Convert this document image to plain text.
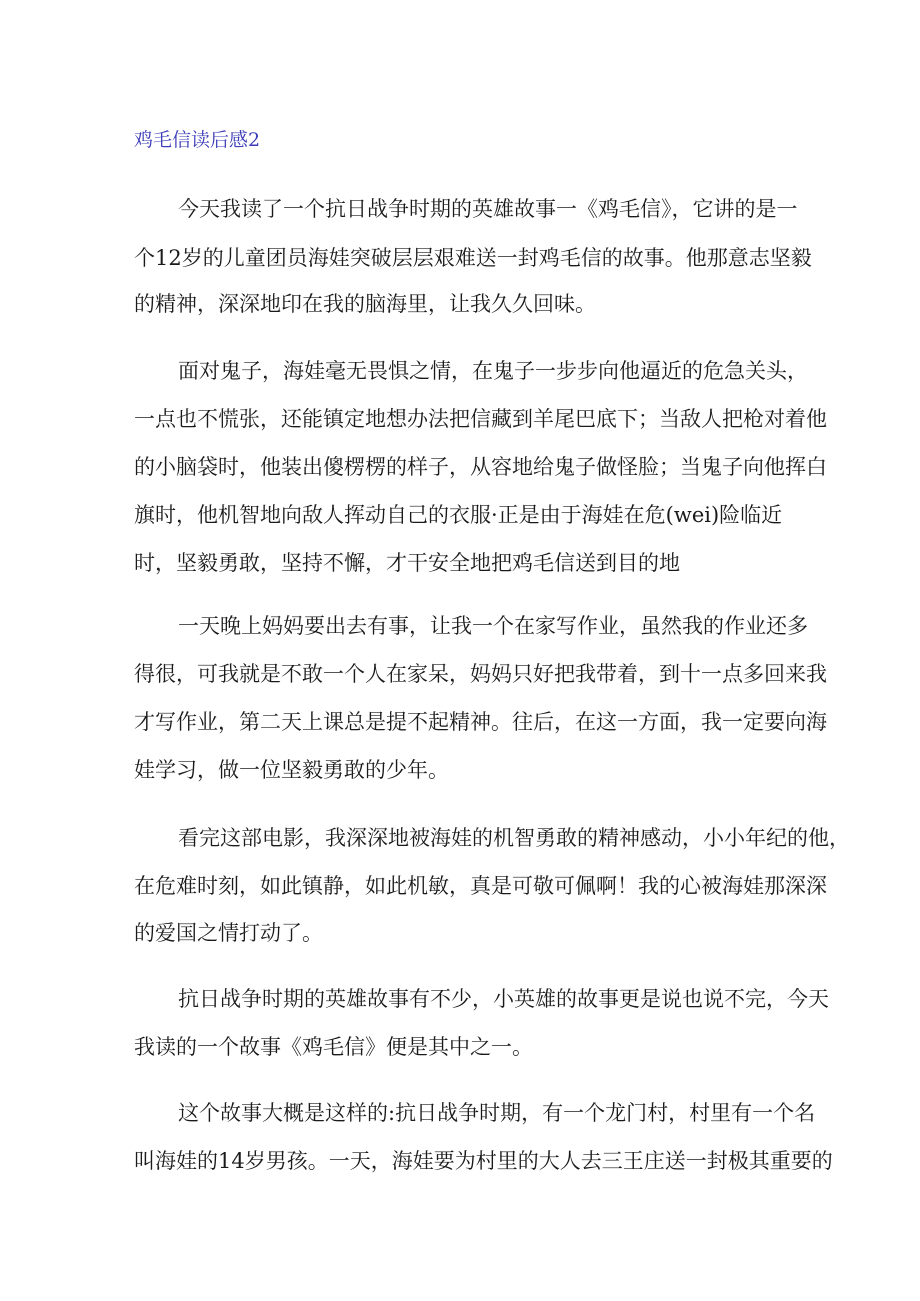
鸡毛信读后感2
今天我读了一个抗日战争时期的英雄故事一《鸡毛信》，它讲的是一
个12岁的儿童团员海娃突破层层艰难送一封鸡毛信的故事。他那意志坚毅
的精神，深深地印在我的脑海里，让我久久回味。
面对鬼子，海娃毫无畏惧之情，在鬼子一步步向他逼近的危急关头，
一点也不慌张，还能镇定地想办法把信藏到羊尾巴底下；当敌人把枪对着他
的小脑袋时，他装出傻楞楞的样子，从容地给鬼子做怪脸；当鬼子向他挥白
旗时，他机智地向敌人挥动自己的衣服·正是由于海娃在危(wei)险临近
时，坚毅勇敢，坚持不懈，才干安全地把鸡毛信送到目的地
一天晚上妈妈要出去有事，让我一个在家写作业，虽然我的作业还多
得很，可我就是不敢一个人在家呆，妈妈只好把我带着，到十一点多回来我
才写作业，第二天上课总是提不起精神。往后，在这一方面，我一定要向海
娃学习，做一位坚毅勇敢的少年。
看完这部电影，我深深地被海娃的机智勇敢的精神感动，小小年纪的他，
在危难时刻，如此镇静，如此机敏，真是可敬可佩啊！我的心被海娃那深深
的爱国之情打动了。
抗日战争时期的英雄故事有不少，小英雄的故事更是说也说不完，今天
我读的一个故事《鸡毛信》便是其中之一。
这个故事大概是这样的:抗日战争时期，有一个龙门村，村里有一个名
叫海娃的14岁男孩。一天，海娃要为村里的大人去三王庄送一封极其重要的
